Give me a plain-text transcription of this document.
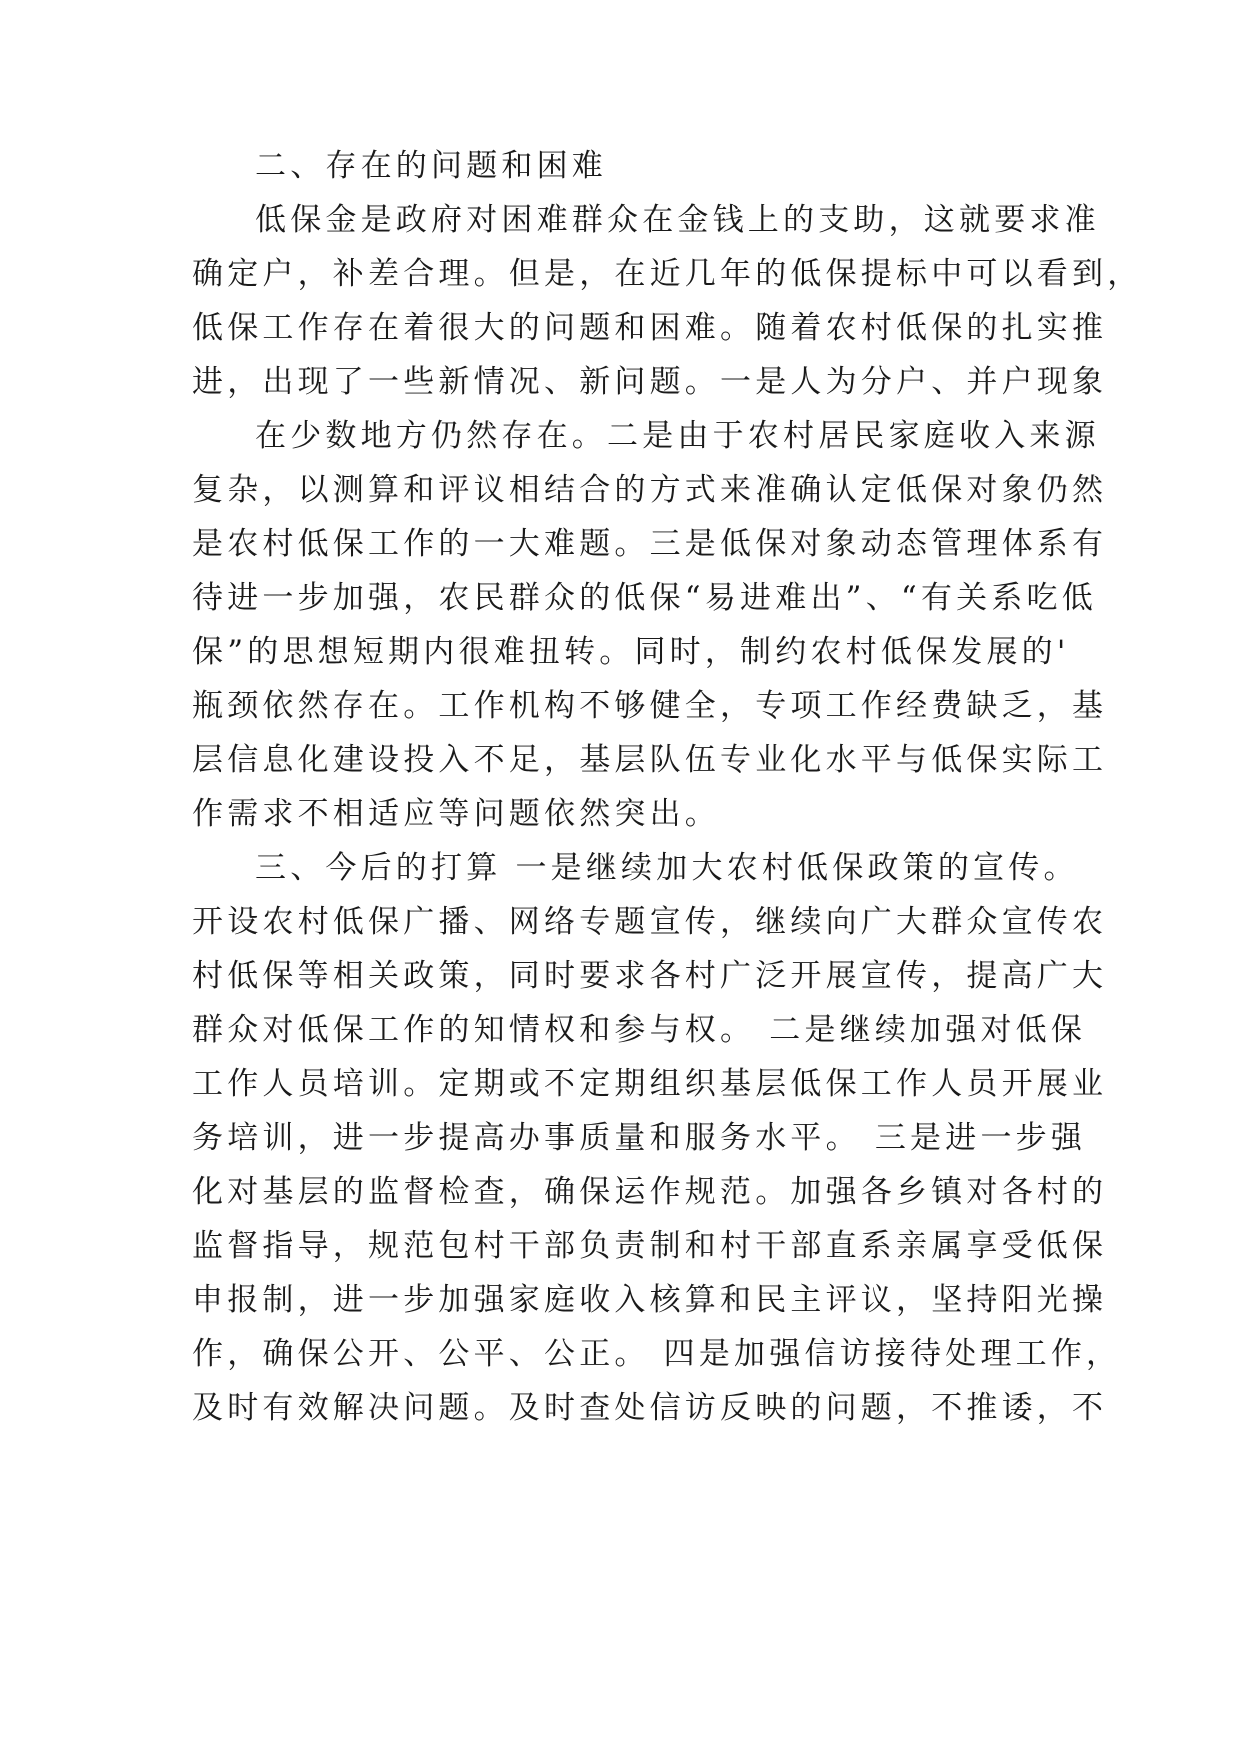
二、存在的问题和困难
低保金是政府对困难群众在金钱上的支助，这就要求准
确定户，补差合理。但是，在近几年的低保提标中可以看到，
低保工作存在着很大的问题和困难。随着农村低保的扎实推
进，出现了一些新情况、新问题。一是人为分户、并户现象
在少数地方仍然存在。二是由于农村居民家庭收入来源
复杂，以测算和评议相结合的方式来准确认定低保对象仍然
是农村低保工作的一大难题。三是低保对象动态管理体系有
待进一步加强，农民群众的低保“易进难出”、“有关系吃低
保”的思想短期内很难扭转。同时，制约农村低保发展的'
瓶颈依然存在。工作机构不够健全，专项工作经费缺乏，基
层信息化建设投入不足，基层队伍专业化水平与低保实际工
作需求不相适应等问题依然突出。
三、今后的打算 一是继续加大农村低保政策的宣传。
开设农村低保广播、网络专题宣传，继续向广大群众宣传农
村低保等相关政策，同时要求各村广泛开展宣传，提高广大
群众对低保工作的知情权和参与权。 二是继续加强对低保
工作人员培训。定期或不定期组织基层低保工作人员开展业
务培训，进一步提高办事质量和服务水平。 三是进一步强
化对基层的监督检查，确保运作规范。加强各乡镇对各村的
监督指导，规范包村干部负责制和村干部直系亲属享受低保
申报制，进一步加强家庭收入核算和民主评议，坚持阳光操
作，确保公开、公平、公正。 四是加强信访接待处理工作，
及时有效解决问题。及时查处信访反映的问题，不推诿，不
